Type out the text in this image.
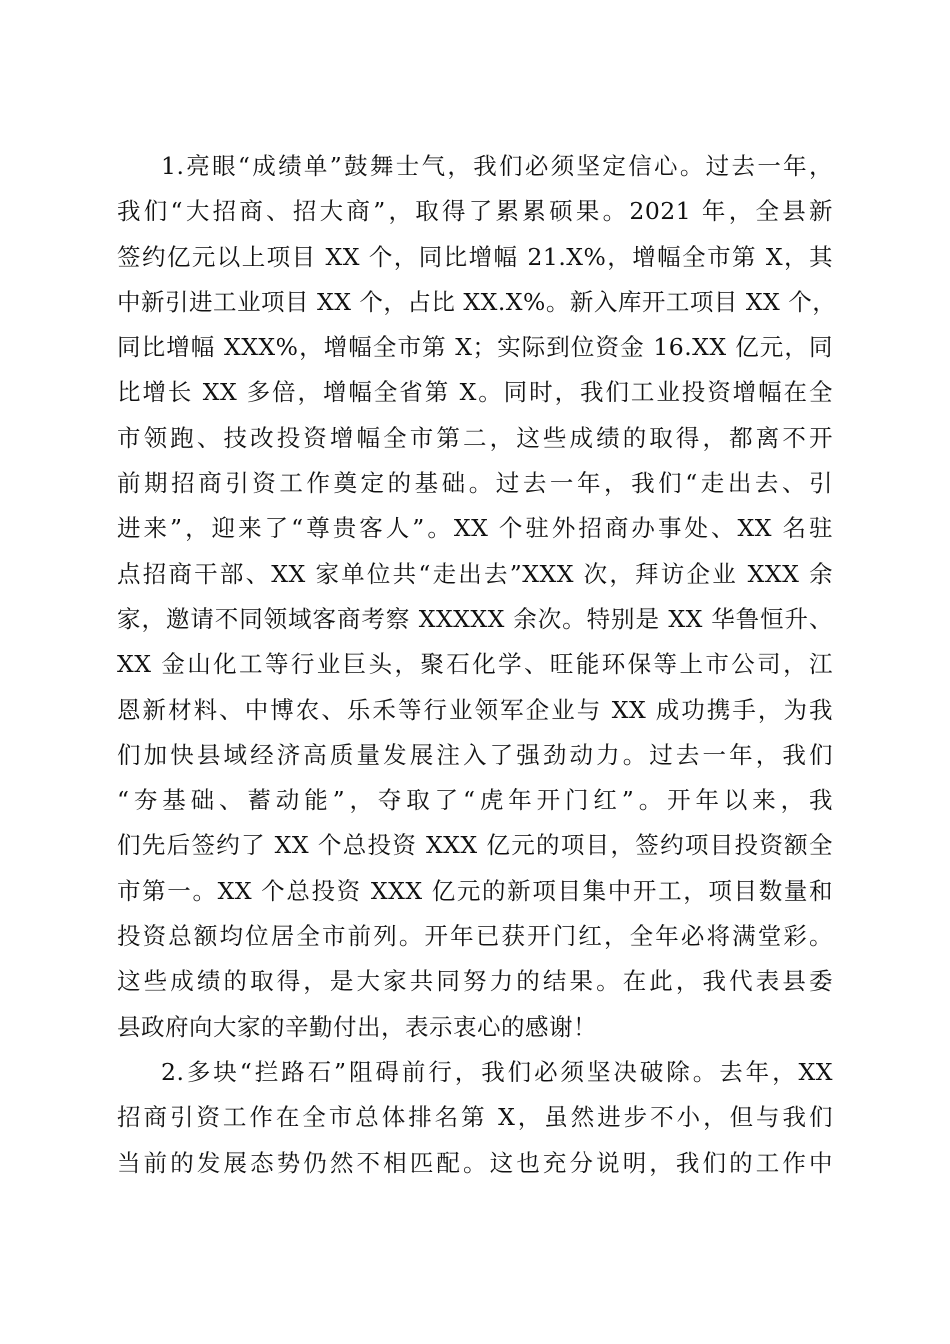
1.亮眼“成绩单”鼓舞士气，我们必须坚定信心。过去一年，
我们“大招商、招大商”，取得了累累硕果。2021 年，全县新
签约亿元以上项目 XX 个，同比增幅 21.X%，增幅全市第 X，其
中新引进工业项目 XX 个，占比 XX.X%。新入库开工项目 XX 个，
同比增幅 XXX%，增幅全市第 X；实际到位资金 16.XX 亿元，同
比增长 XX 多倍，增幅全省第 X。同时，我们工业投资增幅在全
市领跑、技改投资增幅全市第二，这些成绩的取得，都离不开
前期招商引资工作奠定的基础。过去一年，我们“走出去、引
进来”，迎来了“尊贵客人”。XX 个驻外招商办事处、XX 名驻
点招商干部、XX 家单位共“走出去”XXX 次，拜访企业 XXX 余
家，邀请不同领域客商考察 XXXXX 余次。特别是 XX 华鲁恒升、
XX 金山化工等行业巨头，聚石化学、旺能环保等上市公司，江
恩新材料、中博农、乐禾等行业领军企业与 XX 成功携手，为我
们加快县域经济高质量发展注入了强劲动力。过去一年，我们
“夯基础、蓄动能”，夺取了“虎年开门红”。开年以来，我
们先后签约了 XX 个总投资 XXX 亿元的项目，签约项目投资额全
市第一。XX 个总投资 XXX 亿元的新项目集中开工，项目数量和
投资总额均位居全市前列。开年已获开门红，全年必将满堂彩。
这些成绩的取得，是大家共同努力的结果。在此，我代表县委
县政府向大家的辛勤付出，表示衷心的感谢！
2.多块“拦路石”阻碍前行，我们必须坚决破除。去年，XX
招商引资工作在全市总体排名第 X，虽然进步不小，但与我们
当前的发展态势仍然不相匹配。这也充分说明，我们的工作中
